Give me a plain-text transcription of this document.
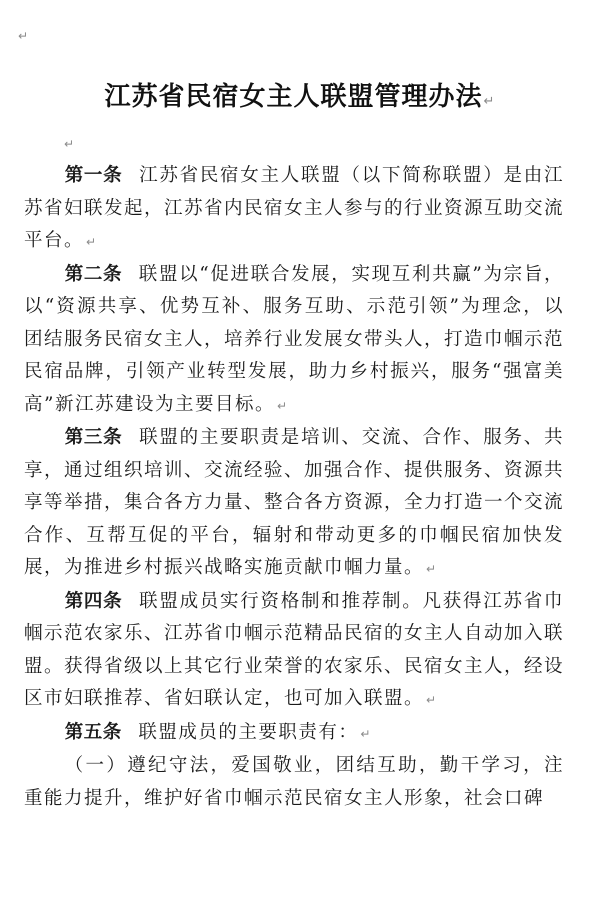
↵
江苏省民宿女主人联盟管理办法↵
↵

第一条 江苏省民宿女主人联盟（以下简称联盟）是由江苏省妇联发起，江苏省内民宿女主人参与的行业资源互助交流平台。 ↵

第二条 联盟以“促进联合发展，实现互利共赢”为宗旨，以“资源共享、优势互补、服务互助、示范引领”为理念，以团结服务民宿女主人，培养行业发展女带头人，打造巾帼示范民宿品牌，引领产业转型发展，助力乡村振兴，服务“强富美高”新江苏建设为主要目标。 ↵

第三条 联盟的主要职责是培训、交流、合作、服务、共享，通过组织培训、交流经验、加强合作、提供服务、资源共享等举措，集合各方力量、整合各方资源，全力打造一个交流合作、互帮互促的平台，辐射和带动更多的巾帼民宿加快发展，为推进乡村振兴战略实施贡献巾帼力量。 ↵

第四条 联盟成员实行资格制和推荐制。凡获得江苏省巾帼示范农家乐、江苏省巾帼示范精品民宿的女主人自动加入联盟。获得省级以上其它行业荣誉的农家乐、民宿女主人，经设区市妇联推荐、省妇联认定，也可加入联盟。 ↵

第五条 联盟成员的主要职责有： ↵

（一）遵纪守法，爱国敬业，团结互助，勤干学习，注重能力提升，维护好省巾帼示范民宿女主人形象，社会口碑
